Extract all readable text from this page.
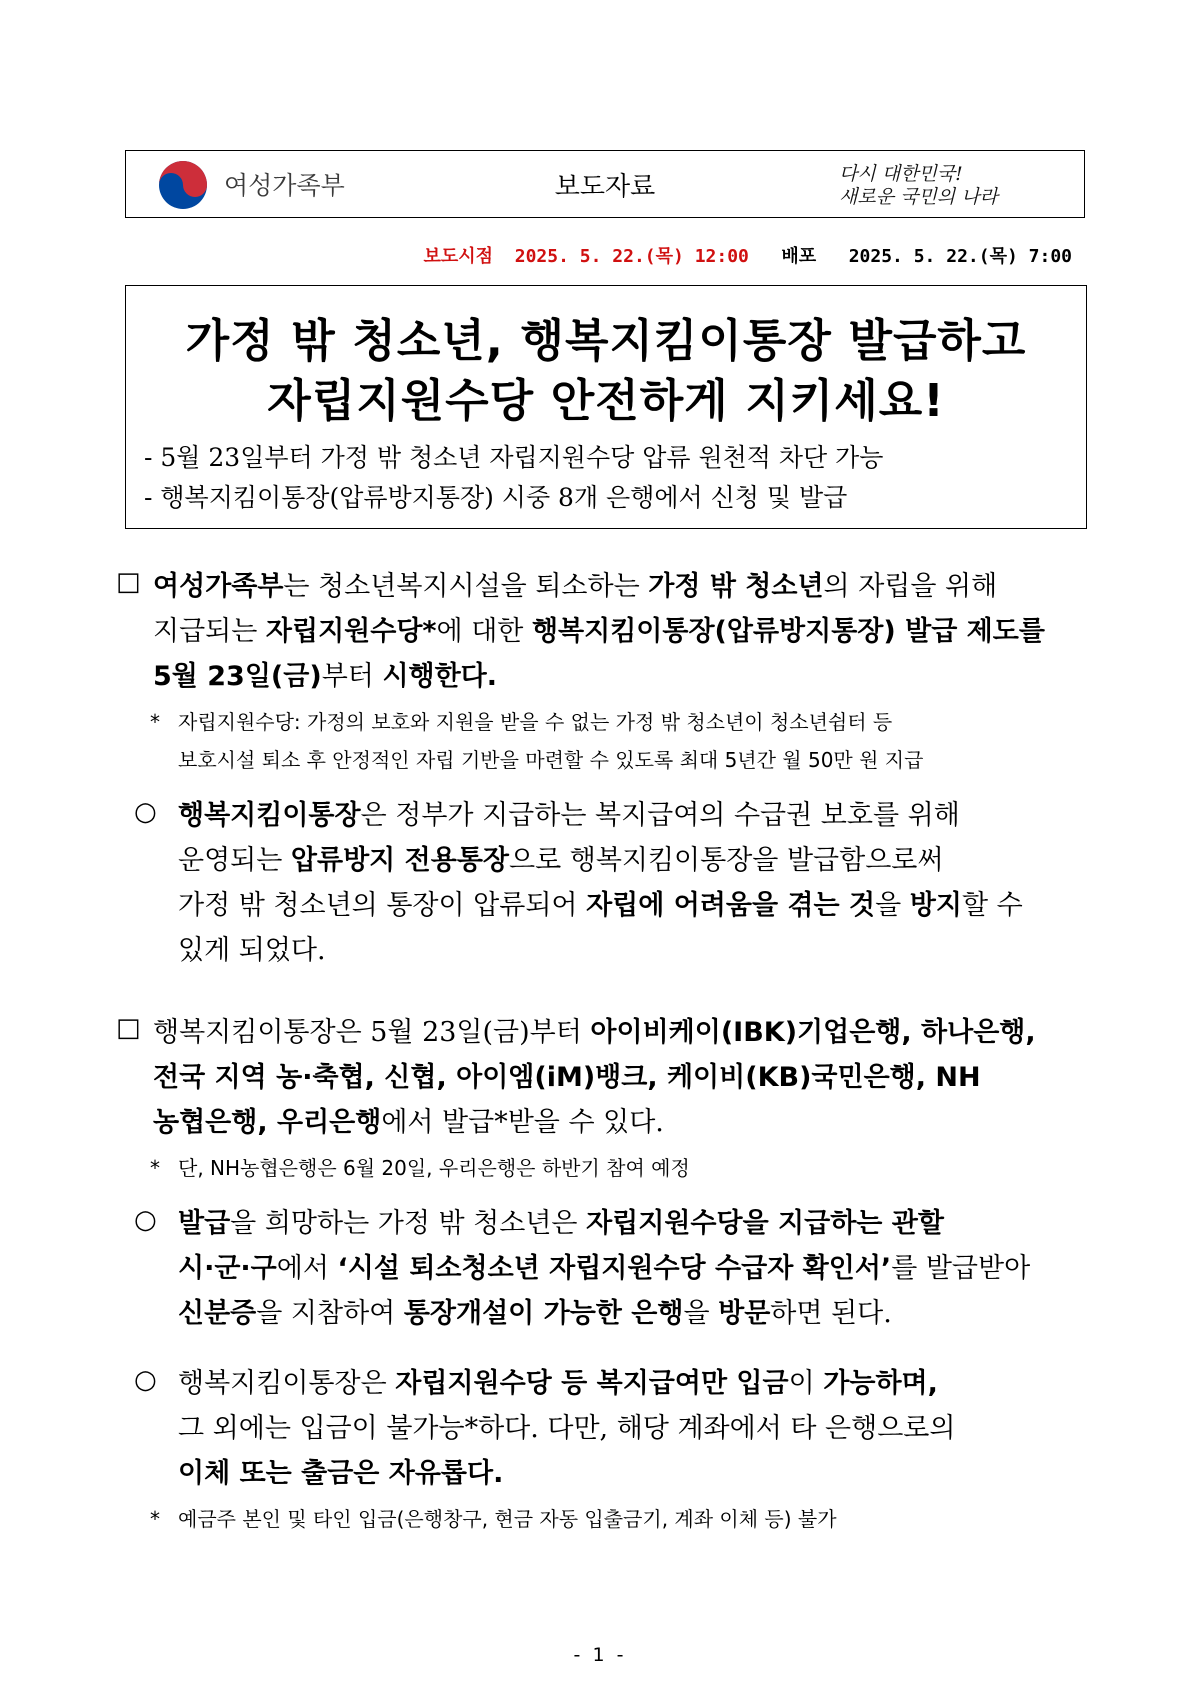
여성가족부	보도자료	다시 대한민국!
새로운 국민의 나라
보도시점 2025. 5. 22.(목) 12:00 배포 2025. 5. 22.(목) 7:00
가정 밖 청소년, 행복지킴이통장 발급하고
자립지원수당 안전하게 지키세요!
- 5월 23일부터 가정 밖 청소년 자립지원수당 압류 원천적 차단 가능
- 행복지킴이통장(압류방지통장) 시중 8개 은행에서 신청 및 발급
□ 여성가족부는 청소년복지시설을 퇴소하는 가정 밖 청소년의 자립을 위해
지급되는 자립지원수당*에 대한 행복지킴이통장(압류방지통장) 발급 제도를
5월 23일(금)부터 시행한다.
* 자립지원수당: 가정의 보호와 지원을 받을 수 없는 가정 밖 청소년이 청소년쉼터 등
보호시설 퇴소 후 안정적인 자립 기반을 마련할 수 있도록 최대 5년간 월 50만 원 지급
○ 행복지킴이통장은 정부가 지급하는 복지급여의 수급권 보호를 위해
운영되는 압류방지 전용통장으로 행복지킴이통장을 발급함으로써
가정 밖 청소년의 통장이 압류되어 자립에 어려움을 겪는 것을 방지할 수
있게 되었다.
□ 행복지킴이통장은 5월 23일(금)부터 아이비케이(IBK)기업은행, 하나은행,
전국 지역 농·축협, 신협, 아이엠(iM)뱅크, 케이비(KB)국민은행, NH
농협은행, 우리은행에서 발급*받을 수 있다.
* 단, NH농협은행은 6월 20일, 우리은행은 하반기 참여 예정
○ 발급을 희망하는 가정 밖 청소년은 자립지원수당을 지급하는 관할
시·군·구에서 ‘시설 퇴소청소년 자립지원수당 수급자 확인서’를 발급받아
신분증을 지참하여 통장개설이 가능한 은행을 방문하면 된다.
○ 행복지킴이통장은 자립지원수당 등 복지급여만 입금이 가능하며,
그 외에는 입금이 불가능*하다. 다만, 해당 계좌에서 타 은행으로의
이체 또는 출금은 자유롭다.
* 예금주 본인 및 타인 입금(은행창구, 현금 자동 입출금기, 계좌 이체 등) 불가
- 1 -
